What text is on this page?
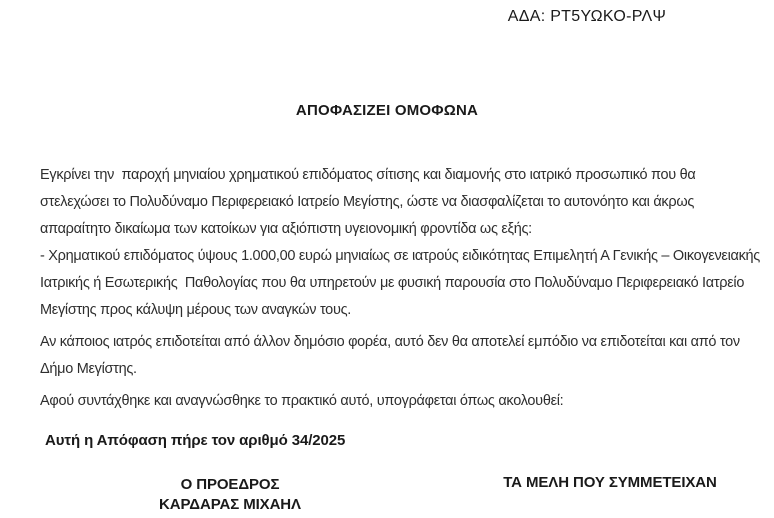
ΑΔΑ: ΡΤ5ΥΩΚΟ-ΡΛΨ
ΑΠΟΦΑΣΙΖΕΙ ΟΜΟΦΩΝΑ
Εγκρίνει την  παροχή μηνιαίου χρηματικού επιδόματος σίτισης και διαμονής στο ιατρικό προσωπικό που θα στελεχώσει το Πολυδύναμο Περιφερειακό Ιατρείο Μεγίστης, ώστε να διασφαλίζεται το αυτονόητο και άκρως απαραίτητο δικαίωμα των κατοίκων για αξιόπιστη υγειονομική φροντίδα ως εξής:
- Χρηματικού επιδόματος ύψους 1.000,00 ευρώ μηνιαίως σε ιατρούς ειδικότητας Επιμελητή Α Γενικής – Οικογενειακής Ιατρικής ή Εσωτερικής  Παθολογίας που θα υπηρετούν με φυσική παρουσία στο Πολυδύναμο Περιφερειακό Ιατρείο Μεγίστης προς κάλυψη μέρους των αναγκών τους.
Αν κάποιος ιατρός επιδοτείται από άλλον δημόσιο φορέα, αυτό δεν θα αποτελεί εμπόδιο να επιδοτείται και από τον Δήμο Μεγίστης.
Αφού συντάχθηκε και αναγνώσθηκε το πρακτικό αυτό, υπογράφεται όπως ακολουθεί:
Αυτή η Απόφαση πήρε τον αριθμό 34/2025
Ο ΠΡΟΕΔΡΟΣ
ΚΑΡΔΑΡΑΣ ΜΙΧΑΗΛ
ΤΑ ΜΕΛΗ ΠΟΥ ΣΥΜΜΕΤΕΙΧΑΝ
